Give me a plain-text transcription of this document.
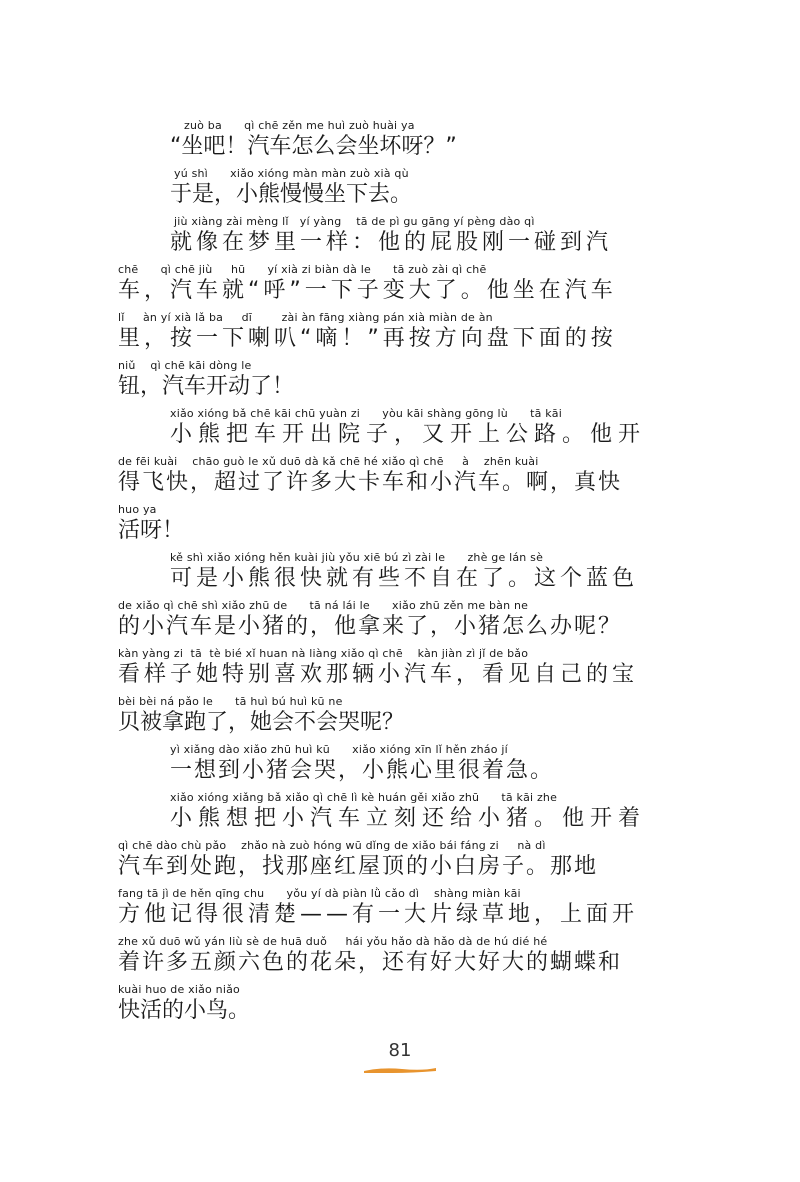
zuò ba      qì chē zěn me huì zuò huài ya
“坐吧！汽车怎么会坐坏呀？”
yú shì      xiǎo xióng màn màn zuò xià qù
于是，小熊慢慢坐下去。
jiù xiàng zài mèng lǐ   yí yàng    tā de pì gu gāng yí pèng dào qì
就像在梦里一样：他的屁股刚一碰到汽
chē      qì chē jiù     hū      yí xià zi biàn dà le      tā zuò zài qì chē
车，汽车就“呼”一下子变大了。他坐在汽车
lǐ     àn yí xià lǎ ba     dī        zài àn fāng xiàng pán xià miàn de àn
里，按一下喇叭“嘀！”再按方向盘下面的按
niǔ    qì chē kāi dòng le
钮，汽车开动了！
xiǎo xióng bǎ chē kāi chū yuàn zi      yòu kāi shàng gōng lù      tā kāi
小熊把车开出院子，又开上公路。他开
de fēi kuài    chāo guò le xǔ duō dà kǎ chē hé xiǎo qì chē     à    zhēn kuài
得飞快，超过了许多大卡车和小汽车。啊，真快
huo ya
活呀！
kě shì xiǎo xióng hěn kuài jiù yǒu xiē bú zì zài le      zhè ge lán sè
可是小熊很快就有些不自在了。这个蓝色
de xiǎo qì chē shì xiǎo zhū de      tā ná lái le      xiǎo zhū zěn me bàn ne
的小汽车是小猪的，他拿来了，小猪怎么办呢？
kàn yàng zi  tā  tè bié xǐ huan nà liàng xiǎo qì chē    kàn jiàn zì jǐ de bǎo
看样子她特别喜欢那辆小汽车，看见自己的宝
bèi bèi ná pǎo le      tā huì bú huì kū ne
贝被拿跑了，她会不会哭呢？
yì xiǎng dào xiǎo zhū huì kū      xiǎo xióng xīn lǐ hěn zháo jí
一想到小猪会哭，小熊心里很着急。
xiǎo xióng xiǎng bǎ xiǎo qì chē lì kè huán gěi xiǎo zhū      tā kāi zhe
小熊想把小汽车立刻还给小猪。他开着
qì chē dào chù pǎo    zhǎo nà zuò hóng wū dǐng de xiǎo bái fáng zi     nà dì
汽车到处跑，找那座红屋顶的小白房子。那地
fang tā jì de hěn qīng chu      yǒu yí dà piàn lǜ cǎo dì    shàng miàn kāi
方他记得很清楚——有一大片绿草地，上面开
zhe xǔ duō wǔ yán liù sè de huā duǒ     hái yǒu hǎo dà hǎo dà de hú dié hé
着许多五颜六色的花朵，还有好大好大的蝴蝶和
kuài huo de xiǎo niǎo
快活的小鸟。
81
